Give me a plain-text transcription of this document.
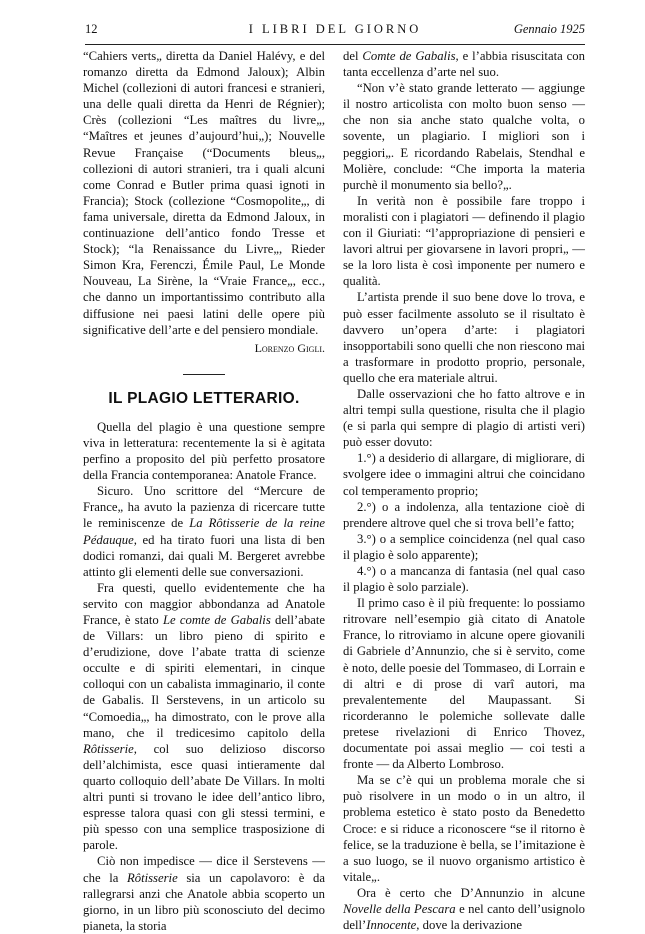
12	I LIBRI DEL GIORNO	Gennaio 1925

“Cahiers verts„ diretta da Daniel Halévy, e del romanzo diretta da Edmond Jaloux); Albin Michel (collezioni di autori francesi e stranieri, una delle quali diretta da Henri de Régnier); Crès (collezioni “Les maîtres du livre„, “Maîtres et jeunes d’aujourd’hui„); Nouvelle Revue Française (“Documents bleus„, collezioni di autori stranieri, tra i quali alcuni come Conrad e Butler prima quasi ignoti in Francia); Stock (collezione “Cosmopolite„, di fama universale, diretta da Edmond Jaloux, in continuazione dell’antico fondo Tresse et Stock); “la Renaissance du Livre„, Rieder Simon Kra, Ferenczi, Émile Paul, Le Monde Nouveau, La Sirène, la “Vraie France„, ecc., che danno un importantissimo contributo alla diffusione nei paesi latini delle opere più significative dell’arte e del pensiero mondiale.
Lorenzo Gigli.

IL PLAGIO LETTERARIO.

Quella del plagio è una questione sempre viva in letteratura: recentemente la si è agitata perfino a proposito del più perfetto prosatore della Francia contemporanea: Anatole France.

Sicuro. Uno scrittore del “Mercure de France„ ha avuto la pazienza di ricercare tutte le reminiscenze de La Rôtisserie de la reine Pédauque, ed ha tirato fuori una lista di ben dodici romanzi, dai quali M. Bergeret avrebbe attinto gli elementi delle sue conversazioni.

Fra questi, quello evidentemente che ha servito con maggior abbondanza ad Anatole France, è stato Le comte de Gabalis dell’abate de Villars: un libro pieno di spirito e d’erudizione, dove l’abate tratta di scienze occulte e di spiriti elementari, in cinque colloqui con un cabalista immaginario, il conte de Gabalis. Il Serstevens, in un articolo su “Comoedia„, ha dimostrato, con le prove alla mano, che il tredicesimo capitolo della Rôtisserie, col suo delizioso discorso dell’alchimista, esce quasi intieramente dal quarto colloquio dell’abate De Villars. In molti altri punti si trovano le idee dell’antico libro, espresse talora quasi con gli stessi termini, e più spesso con una semplice trasposizione di parole.

Ciò non impedisce — dice il Serstevens — che la Rôtisserie sia un capolavoro: è da rallegrarsi anzi che Anatole abbia scoperto un giorno, in un libro più sconosciuto del decimo pianeta, la storia

del Comte de Gabalis, e l’abbia risuscitata con tanta eccellenza d’arte nel suo.

“Non v’è stato grande letterato — aggiunge il nostro articolista con molto buon senso — che non sia anche stato qualche volta, o sovente, un plagiario. I migliori son i peggiori„. E ricordando Rabelais, Stendhal e Molière, conclude: “Che importa la materia purchè il monumento sia bello?„.

In verità non è possibile fare troppo i moralisti con i plagiatori — definendo il plagio con il Giuriati: “l’appropriazione di pensieri e lavori altrui per giovarsene in lavori propri„ — se la loro lista è così imponente per numero e qualità.

L’artista prende il suo bene dove lo trova, e può esser facilmente assoluto se il risultato è davvero un’opera d’arte: i plagiatori insopportabili sono quelli che non riescono mai a trasformare in prodotto proprio, personale, quello che era materiale altrui.

Dalle osservazioni che ho fatto altrove e in altri tempi sulla questione, risulta che il plagio (e si parla qui sempre di plagio di artisti veri) può esser dovuto:

1.°) a desiderio di allargare, di migliorare, di svolgere idee o immagini altrui che coincidano col temperamento proprio;

2.°) o a indolenza, alla tentazione cioè di prendere altrove quel che si trova bell’e fatto;

3.°) o a semplice coincidenza (nel qual caso il plagio è solo apparente);

4.°) o a mancanza di fantasia (nel qual caso il plagio è solo parziale).

Il primo caso è il più frequente: lo possiamo ritrovare nell’esempio già citato di Anatole France, lo ritroviamo in alcune opere giovanili di Gabriele d’Annunzio, che si è servito, come è noto, delle poesie del Tommaseo, di Lorrain e di altri e di prose di varî autori, ma prevalentemente del Maupassant. Si ricorderanno le polemiche sollevate dalle pretese rivelazioni di Enrico Thovez, documentate poi assai meglio — coi testi a fronte — da Alberto Lombroso.

Ma se c’è qui un problema morale che si può risolvere in un modo o in un altro, il problema estetico è stato posto da Benedetto Croce: e si riduce a riconoscere “se il ritorno è felice, se la traduzione è bella, se l’imitazione è a suo luogo, se il nuovo organismo artistico è vitale„.

Ora è certo che D’Annunzio in alcune Novelle della Pescara e nel canto dell’usignolo dell’Innocente, dove la derivazione
